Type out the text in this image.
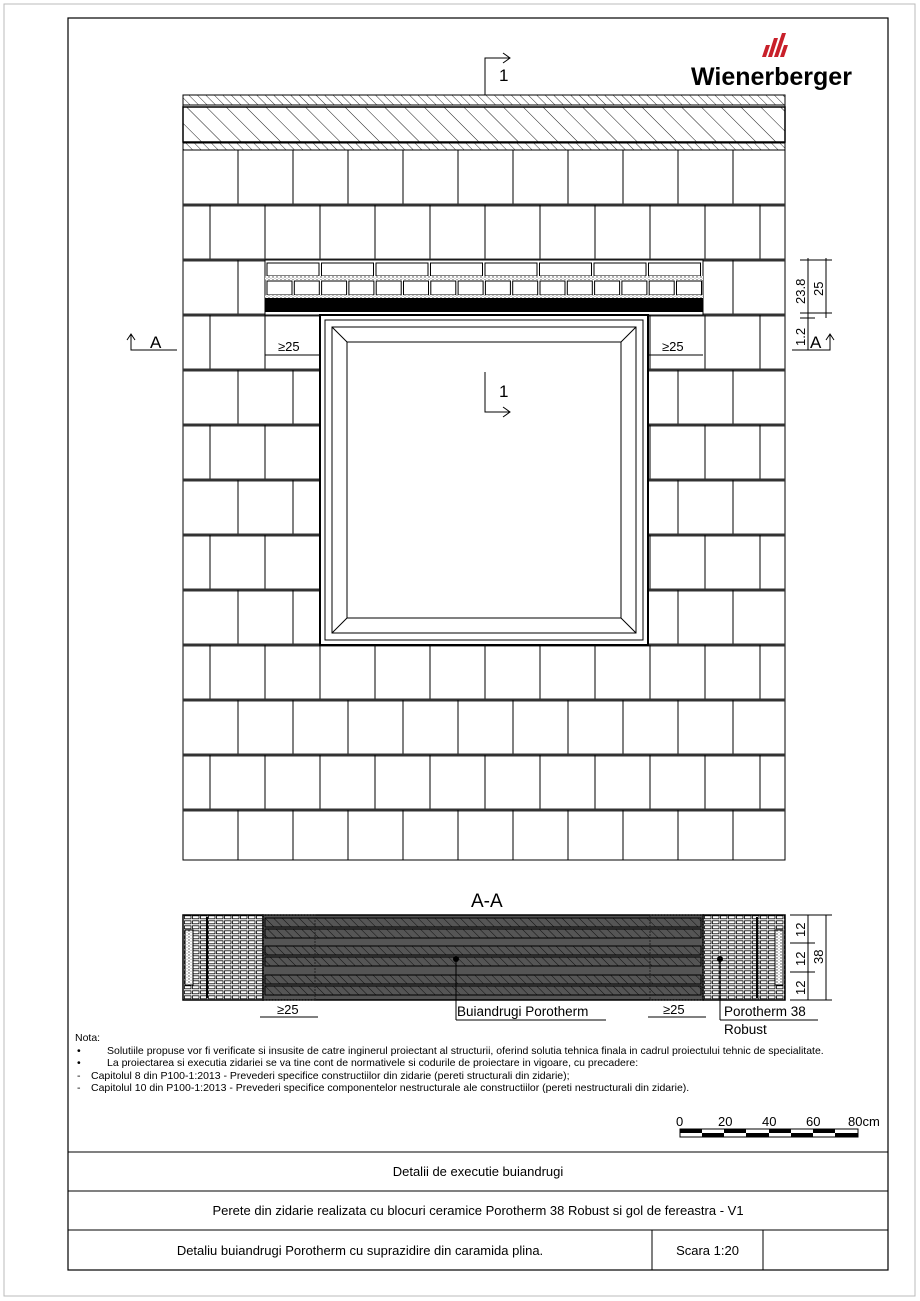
Wienerberger
1
1
A	A
23.8 25
1.2
≥25	≥25
A-A
12
12
12
38
≥25	≥25
Buiandrugi Porotherm	Porotherm 38
Robust
0	20 40 60 80cm
Nota:
•	Solutiile propuse vor fi verificate si insusite de catre inginerul proiectant al structurii, oferind solutia tehnica finala in cadrul proiectului tehnic de specialitate.
•	La proiectarea si executia zidariei se va tine cont de normativele si codurile de proiectare in vigoare, cu precadere:
-	Capitolul 8 din P100-1:2013 - Prevederi specifice constructiilor din zidarie (pereti structurali din zidarie);
-	Capitolul 10 din P100-1:2013 - Prevederi specifice componentelor nestructurale ale constructiilor (pereti nestructurali din zidarie).
Detalii de executie buiandrugi
Perete din zidarie realizata cu blocuri ceramice Porotherm 38 Robust si gol de fereastra - V1
Detaliu buiandrugi Porotherm cu suprazidire din caramida plina.	Scara 1:20
